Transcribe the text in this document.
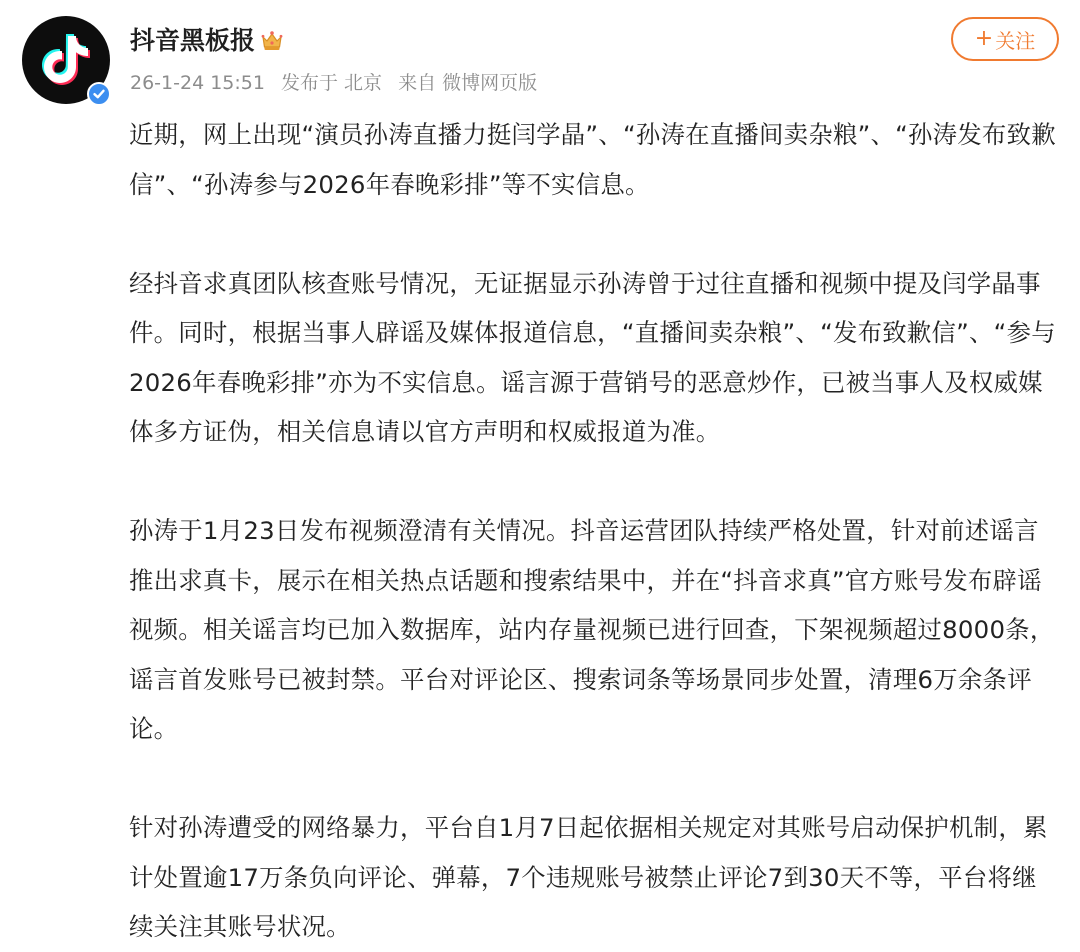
抖音黑板报
26-1-24 15:51 发布于 北京 来自 微博网页版
+ 关注

近期，网上出现“演员孙涛直播力挺闫学晶”、“孙涛在直播间卖杂粮”、“孙涛发布致歉信”、“孙涛参与2026年春晚彩排”等不实信息。

经抖音求真团队核查账号情况，无证据显示孙涛曾于过往直播和视频中提及闫学晶事件。同时，根据当事人辟谣及媒体报道信息，“直播间卖杂粮”、“发布致歉信”、“参与2026年春晚彩排”亦为不实信息。谣言源于营销号的恶意炒作，已被当事人及权威媒体多方证伪，相关信息请以官方声明和权威报道为准。

孙涛于1月23日发布视频澄清有关情况。抖音运营团队持续严格处置，针对前述谣言推出求真卡，展示在相关热点话题和搜索结果中，并在“抖音求真”官方账号发布辟谣视频。相关谣言均已加入数据库，站内存量视频已进行回查，下架视频超过8000条，谣言首发账号已被封禁。平台对评论区、搜索词条等场景同步处置，清理6万余条评论。

针对孙涛遭受的网络暴力，平台自1月7日起依据相关规定对其账号启动保护机制，累计处置逾17万条负向评论、弹幕，7个违规账号被禁止评论7到30天不等，平台将继续关注其账号状况。
